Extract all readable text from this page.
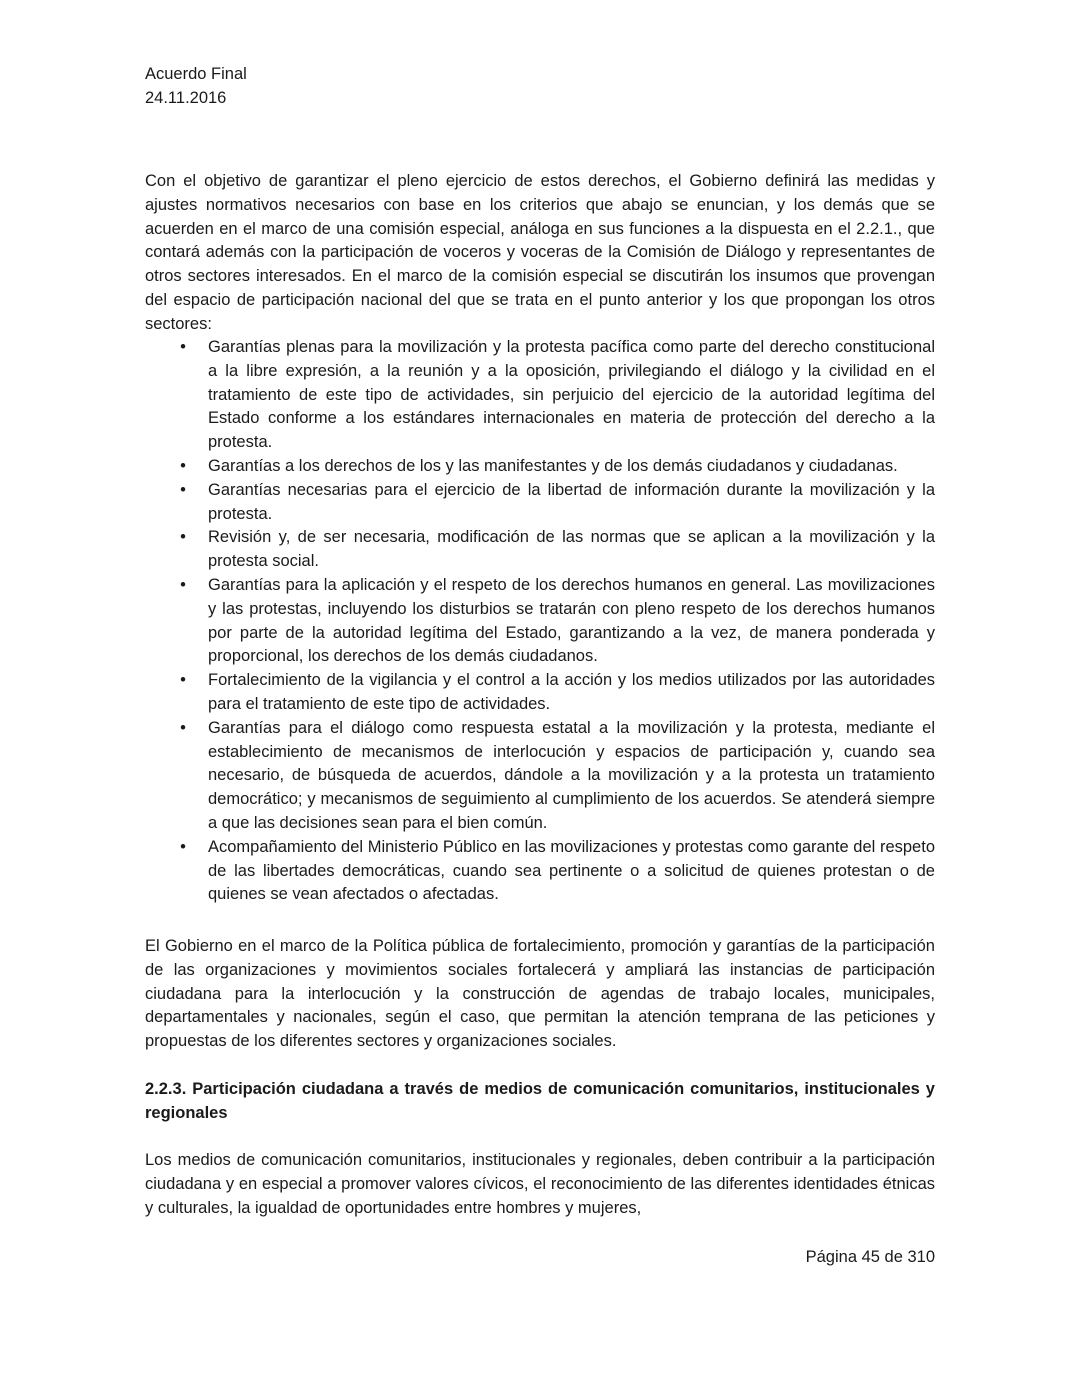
Acuerdo Final
24.11.2016

Con el objetivo de garantizar el pleno ejercicio de estos derechos, el Gobierno definirá las medidas y ajustes normativos necesarios con base en los criterios que abajo se enuncian, y los demás que se acuerden en el marco de una comisión especial, análoga en sus funciones a la dispuesta en el 2.2.1., que contará además con la participación de voceros y voceras de la Comisión de Diálogo y representantes de otros sectores interesados. En el marco de la comisión especial se discutirán los insumos que provengan del espacio de participación nacional del que se trata en el punto anterior y los que propongan los otros sectores:

•	Garantías plenas para la movilización y la protesta pacífica como parte del derecho constitucional a la libre expresión, a la reunión y a la oposición, privilegiando el diálogo y la civilidad en el tratamiento de este tipo de actividades, sin perjuicio del ejercicio de la autoridad legítima del Estado conforme a los estándares internacionales en materia de protección del derecho a la protesta.
•	Garantías a los derechos de los y las manifestantes y de los demás ciudadanos y ciudadanas.
•	Garantías necesarias para el ejercicio de la libertad de información durante la movilización y la protesta.
•	Revisión y, de ser necesaria, modificación de las normas que se aplican a la movilización y la protesta social.
•	Garantías para la aplicación y el respeto de los derechos humanos en general. Las movilizaciones y las protestas, incluyendo los disturbios se tratarán con pleno respeto de los derechos humanos por parte de la autoridad legítima del Estado, garantizando a la vez, de manera ponderada y proporcional, los derechos de los demás ciudadanos.
•	Fortalecimiento de la vigilancia y el control a la acción y los medios utilizados por las autoridades para el tratamiento de este tipo de actividades.
•	Garantías para el diálogo como respuesta estatal a la movilización y la protesta, mediante el establecimiento de mecanismos de interlocución y espacios de participación y, cuando sea necesario, de búsqueda de acuerdos, dándole a la movilización y a la protesta un tratamiento democrático; y mecanismos de seguimiento al cumplimiento de los acuerdos. Se atenderá siempre a que las decisiones sean para el bien común.
•	Acompañamiento del Ministerio Público en las movilizaciones y protestas como garante del respeto de las libertades democráticas, cuando sea pertinente o a solicitud de quienes protestan o de quienes se vean afectados o afectadas.

El Gobierno en el marco de la Política pública de fortalecimiento, promoción y garantías de la participación de las organizaciones y movimientos sociales fortalecerá y ampliará las instancias de participación ciudadana para la interlocución y la construcción de agendas de trabajo locales, municipales, departamentales y nacionales, según el caso, que permitan la atención temprana de las peticiones y propuestas de los diferentes sectores y organizaciones sociales.

2.2.3. Participación ciudadana a través de medios de comunicación comunitarios, institucionales y regionales

Los medios de comunicación comunitarios, institucionales y regionales, deben contribuir a la participación ciudadana y en especial a promover valores cívicos, el reconocimiento de las diferentes identidades étnicas y culturales, la igualdad de oportunidades entre hombres y mujeres,

Página 45 de 310
